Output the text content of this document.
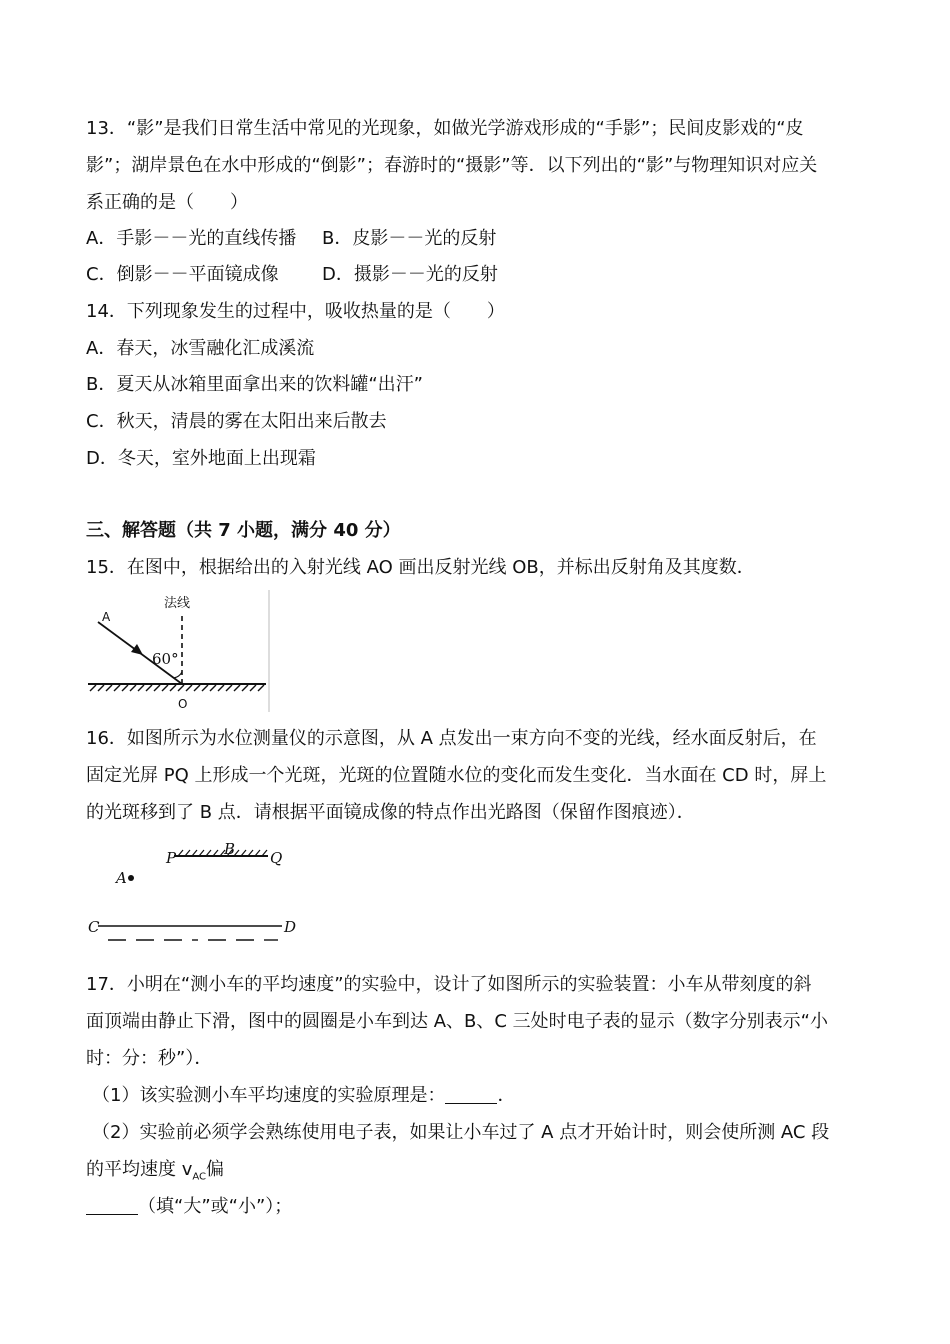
13．“影”是我们日常生活中常见的光现象，如做光学游戏形成的“手影”；民间皮影戏的“皮
影”；湖岸景色在水中形成的“倒影”；春游时的“摄影”等．以下列出的“影”与物理知识对应关
系正确的是（　　）
A．手影－－光的直线传播 B．皮影－－光的反射
C．倒影－－平面镜成像 D．摄影－－光的反射
14．下列现象发生的过程中，吸收热量的是（　　）
A．春天，冰雪融化汇成溪流
B．夏天从冰箱里面拿出来的饮料罐“出汗”
C．秋天，清晨的雾在太阳出来后散去
D．冬天，室外地面上出现霜
三、解答题（共 7 小题，满分 40 分）
15．在图中，根据给出的入射光线 AO 画出反射光线 OB，并标出反射角及其度数．
法线
A
60°
O
16．如图所示为水位测量仪的示意图，从 A 点发出一束方向不变的光线，经水面反射后，在
固定光屏 PQ 上形成一个光斑，光斑的位置随水位的变化而发生变化．当水面在 CD 时，屏上
的光斑移到了 B 点．请根据平面镜成像的特点作出光路图（保留作图痕迹）．
P	B Q
A
C	D
17．小明在“测小车的平均速度”的实验中，设计了如图所示的实验装置：小车从带刻度的斜
面顶端由静止下滑，图中的圆圈是小车到达 A、B、C 三处时电子表的显示（数字分别表示“小
时：分：秒”）．
（1）该实验测小车平均速度的实验原理是：	．
（2）实验前必须学会熟练使用电子表，如果让小车过了 A 点才开始计时，则会使所测 AC 段
的平均速度 $v_{AC}$偏
（填“大”或“小”）；
